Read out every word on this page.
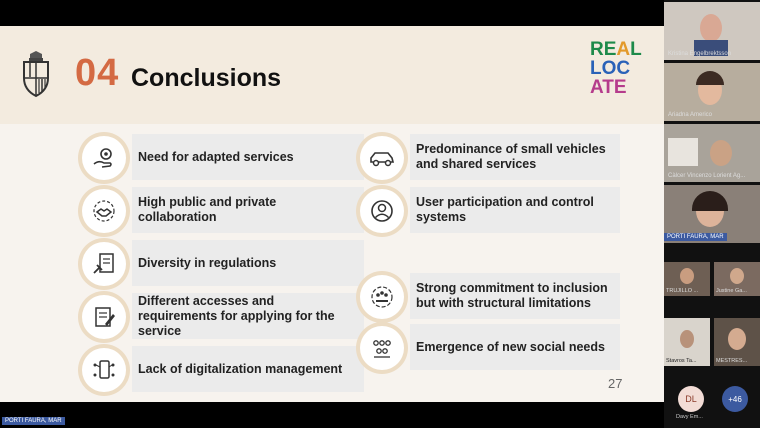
04 Conclusions
REAL
LOC
ATE
Need for adapted services
High public and private collaboration
Diversity in regulations
Different accesses and requirements for applying for the service
Lack of digitalization management
Predominance of small vehicles and shared services
User participation and control systems
Strong commitment to inclusion but with structural limitations
Emergence of new social needs
27
Kristina Engelbrektsson
Ariadna Americo
Càlcer Vincenzo Lorient Ag...
PORTI FAURA, MAR
TRUJILLO ...	Justine Ga...
Stavros Ta...	MESTRES...
DL
Davy Em...
+46
PORTI FAURA, MAR
